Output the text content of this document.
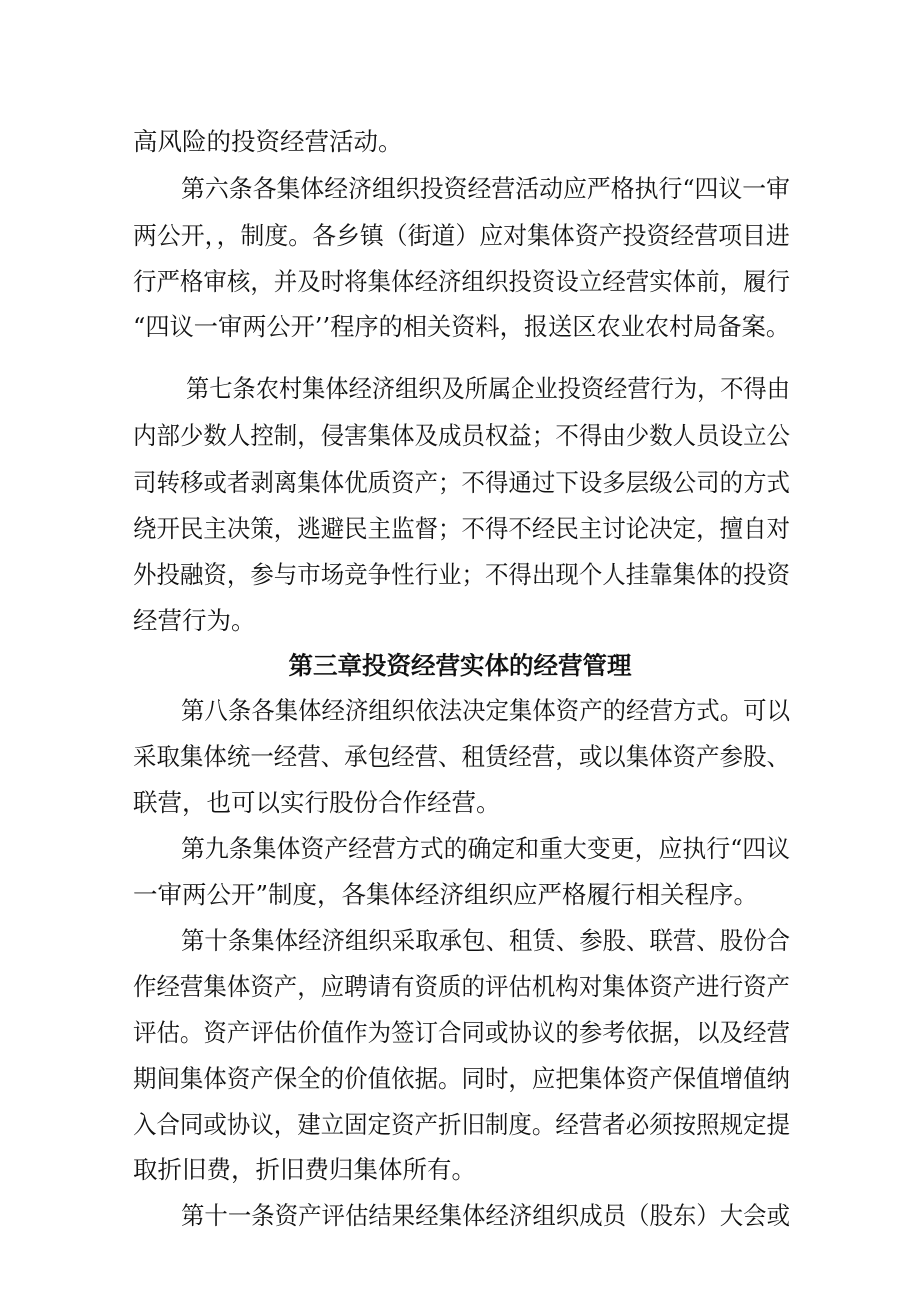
高风险的投资经营活动。
第六条各集体经济组织投资经营活动应严格执行“四议一审
两公开，，制度。各乡镇（街道）应对集体资产投资经营项目进
行严格审核，并及时将集体经济组织投资设立经营实体前，履行
“四议一审两公开’’程序的相关资料，报送区农业农村局备案。
第七条农村集体经济组织及所属企业投资经营行为，不得由
内部少数人控制，侵害集体及成员权益；不得由少数人员设立公
司转移或者剥离集体优质资产；不得通过下设多层级公司的方式
绕开民主决策，逃避民主监督；不得不经民主讨论决定，擅自对
外投融资，参与市场竞争性行业；不得出现个人挂靠集体的投资
经营行为。
第三章投资经营实体的经营管理
第八条各集体经济组织依法决定集体资产的经营方式。可以
采取集体统一经营、承包经营、租赁经营，或以集体资产参股、
联营，也可以实行股份合作经营。
第九条集体资产经营方式的确定和重大变更，应执行“四议
一审两公开”制度，各集体经济组织应严格履行相关程序。
第十条集体经济组织采取承包、租赁、参股、联营、股份合
作经营集体资产，应聘请有资质的评估机构对集体资产进行资产
评估。资产评估价值作为签订合同或协议的参考依据，以及经营
期间集体资产保全的价值依据。同时，应把集体资产保值增值纳
入合同或协议，建立固定资产折旧制度。经营者必须按照规定提
取折旧费，折旧费归集体所有。
第十一条资产评估结果经集体经济组织成员（股东）大会或
